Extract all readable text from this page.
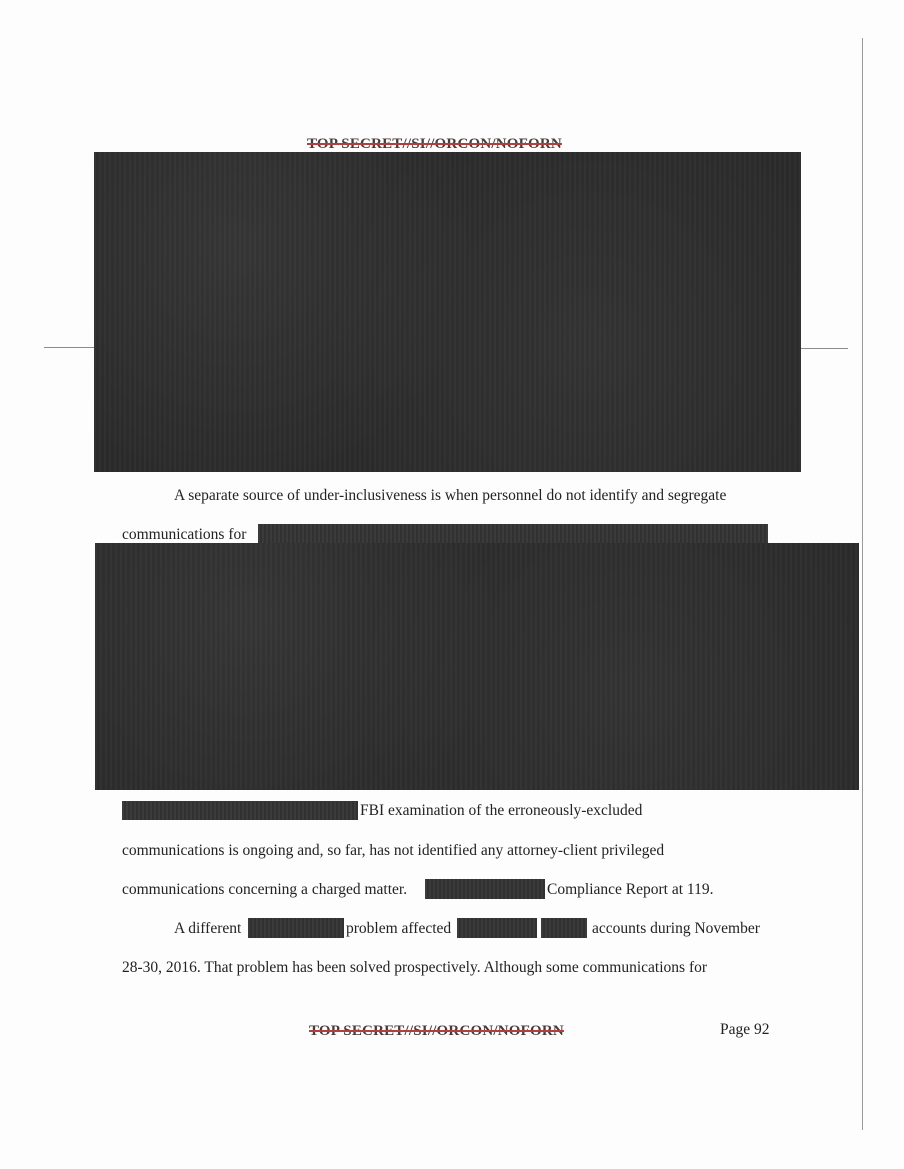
TOP SECRET//SI//ORCON/NOFORN
A separate source of under-inclusiveness is when personnel do not identify and segregate
communications for
FBI examination of the erroneously-excluded
communications is ongoing and, so far, has not identified any attorney-client privileged
communications concerning a charged matter.	Compliance Report at 119.
A different	problem affected	accounts during November
28-30, 2016. That problem has been solved prospectively. Although some communications for
TOP SECRET//SI//ORCON/NOFORN	Page 92
